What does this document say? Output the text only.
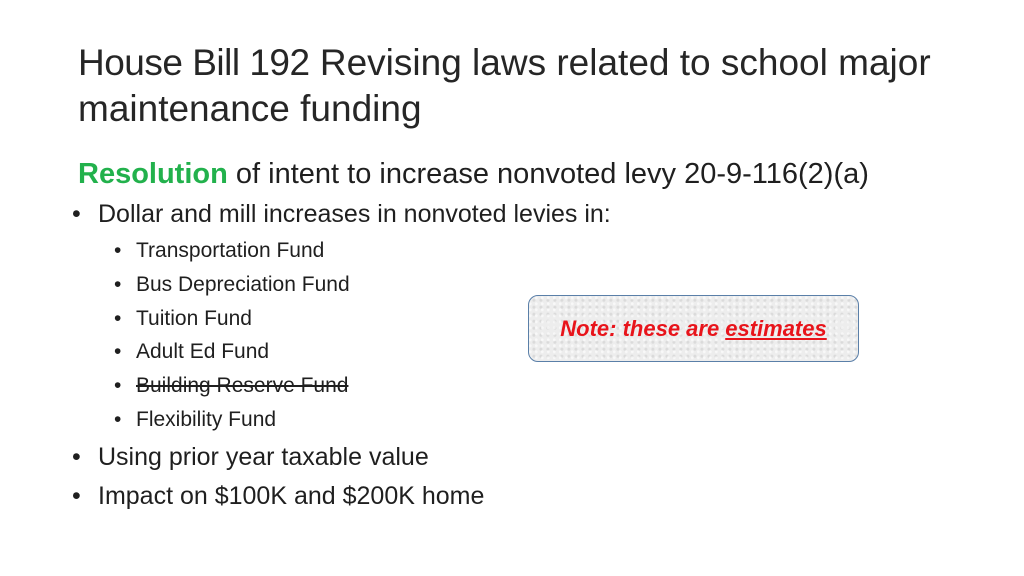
House Bill 192 Revising laws related to school major maintenance funding
Resolution of intent to increase nonvoted levy 20-9-116(2)(a)
• Dollar and mill increases in nonvoted levies in:
• Transportation Fund
• Bus Depreciation Fund
• Tuition Fund
• Adult Ed Fund
• Building Reserve Fund
• Flexibility Fund
• Using prior year taxable value
• Impact on $100K and $200K home
Note: these are estimates
